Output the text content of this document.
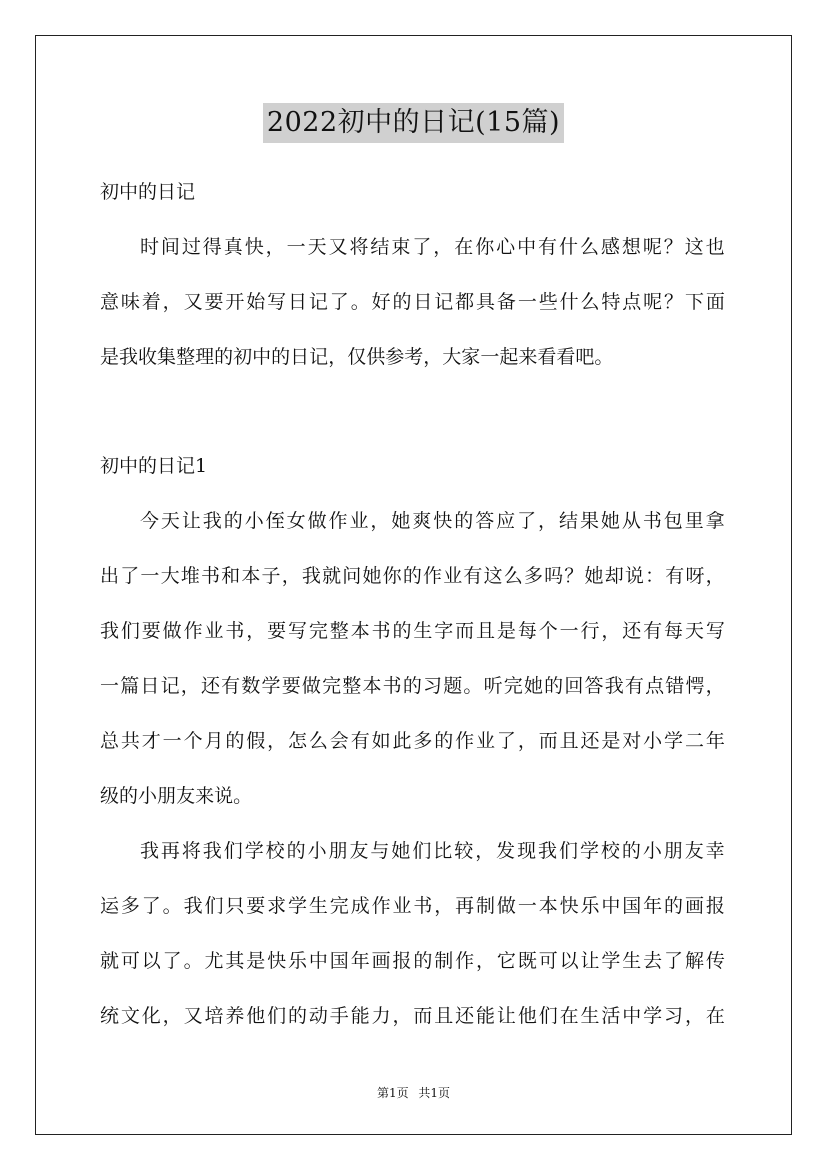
2022初中的日记(15篇)
初中的日记
时 间 过 得 真 快 ， 一 天 又 将 结 束 了 ， 在 你 心 中 有 什 么 感 想 呢 ？ 这 也
意 味 着 ， 又 要 开 始 写 日 记 了 。 好 的 日 记 都 具 备 一 些 什 么 特 点 呢 ？ 下 面
是 我 收 集 整 理 的 初 中 的 日 记 ， 仅 供 参 考 ， 大 家 一 起 来 看 看 吧 。
初中的日记1
今 天 让 我 的 小 侄 女 做 作 业 ， 她 爽 快 的 答 应 了 ， 结 果 她 从 书 包 里 拿
出 了 一 大 堆 书 和 本 子 ， 我 就 问 她 你 的 作 业 有 这 么 多 吗 ？ 她 却 说 ： 有 呀 ，
我 们 要 做 作 业 书 ， 要 写 完 整 本 书 的 生 字 而 且 是 每 个 一 行 ， 还 有 每 天 写
一 篇 日 记 ， 还 有 数 学 要 做 完 整 本 书 的 习 题 。 听 完 她 的 回 答 我 有 点 错 愕 ，
总 共 才 一 个 月 的 假 ， 怎 么 会 有 如 此 多 的 作 业 了 ， 而 且 还 是 对 小 学 二 年
级 的 小 朋 友 来 说 。
我 再 将 我 们 学 校 的 小 朋 友 与 她 们 比 较 ， 发 现 我 们 学 校 的 小 朋 友 幸
运 多 了 。 我 们 只 要 求 学 生 完 成 作 业 书 ， 再 制 做 一 本 快 乐 中 国 年 的 画 报
就 可 以 了 。 尤 其 是 快 乐 中 国 年 画 报 的 制 作 ， 它 既 可 以 让 学 生 去 了 解 传
统 文 化 ， 又 培 养 他 们 的 动 手 能 力 ， 而 且 还 能 让 他 们 在 生 活 中 学 习 ， 在
第1页 共1页
